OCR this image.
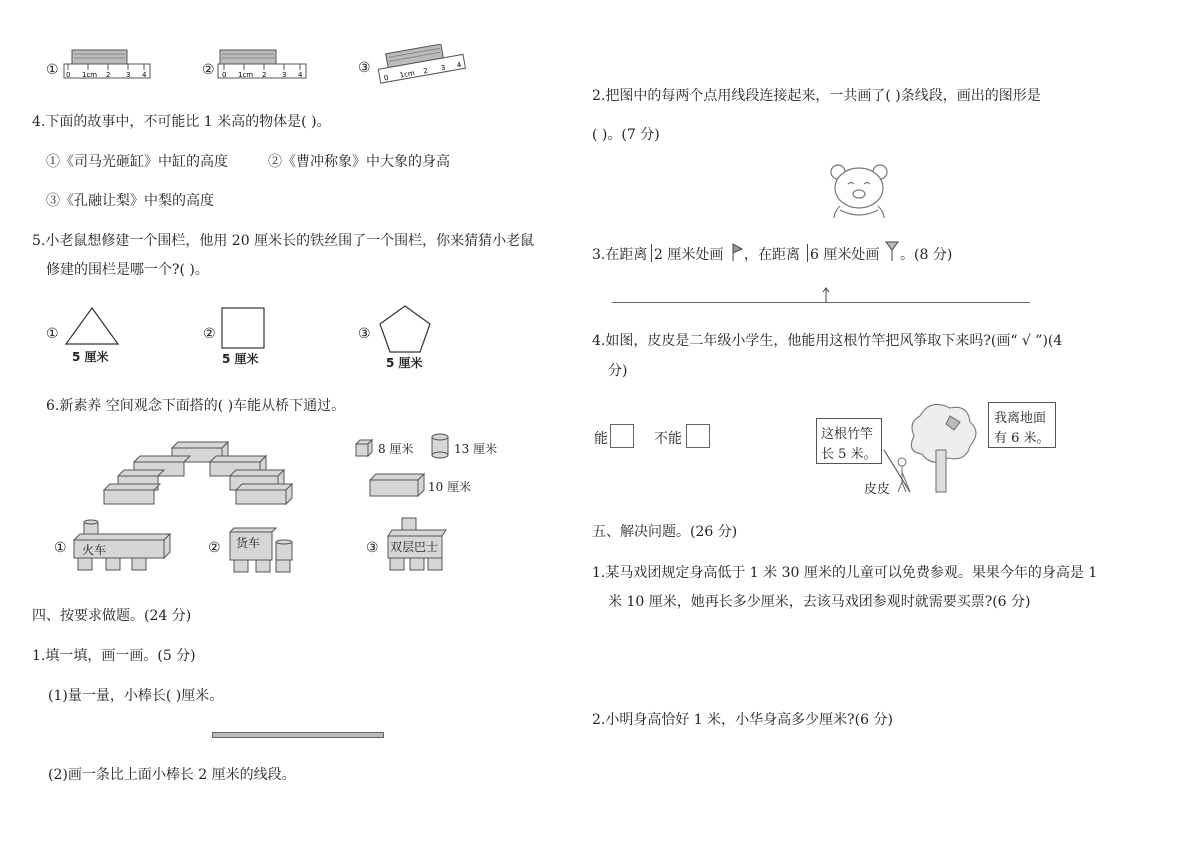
① 0 1cm 2 3 4	② 0 1cm 2 3 4	③
0 1cm 2 3 4
4.下面的故事中，不可能比 1 米高的物体是( )。
①《司马光砸缸》中缸的高度	②《曹冲称象》中大象的身高
③《孔融让梨》中梨的高度
5.小老鼠想修建一个围栏，他用 20 厘米长的铁丝围了一个围栏，你来猜猜小老鼠
修建的围栏是哪一个?( )。
①
5 厘米
②
5 厘米
③
5 厘米
6.新素养 空间观念下面搭的( )车能从桥下通过。
8 厘米	13 厘米
10 厘米
① 火车	② 货车	③ 双层巴士
四、按要求做题。(24 分)
1.填一填，画一画。(5 分)
(1)量一量，小棒长( )厘米。
(2)画一条比上面小棒长 2 厘米的线段。
2.把图中的每两个点用线段连接起来，一共画了( )条线段，画出的图形是
( )。(7 分)
3.在距离 2 厘米处画 ，在距离 6 厘米处画 。(8 分)
4.如图，皮皮是二年级小学生，他能用这根竹竿把风筝取下来吗?(画“ √ ”)(4
分)
能	不能	这根竹竿
长 5 米。
我离地面
有 6 米。
皮皮
五、解决问题。(26 分)
1.某马戏团规定身高低于 1 米 30 厘米的儿童可以免费参观。果果今年的身高是 1
米 10 厘米，她再长多少厘米，去该马戏团参观时就需要买票?(6 分)
2.小明身高恰好 1 米，小华身高多少厘米?(6 分)
